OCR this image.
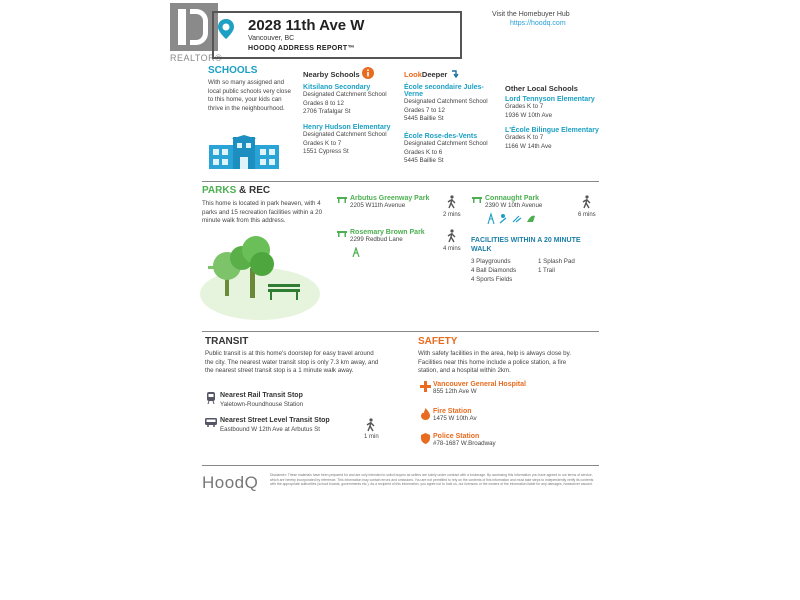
REALTOR®
2028 11th Ave W
Vancouver, BC
HOODQ ADDRESS REPORT™
Visit the Homebuyer Hub
https://hoodq.com
SCHOOLS
With so many assigned and local public schools very close to this home, your kids can thrive in the neighbourhood.
Nearby Schools
Kitsilano Secondary
Designated Catchment School
Grades 8 to 12
2706 Trafalgar St
Henry Hudson Elementary
Designated Catchment School
Grades K to 7
1551 Cypress St
LookDeeper
École secondaire Jules-Verne
Designated Catchment School
Grades 7 to 12
5445 Baillie St
École Rose-des-Vents
Designated Catchment School
Grades K to 6
5445 Baillie St
Other Local Schools
Lord Tennyson Elementary
Grades K to 7
1936 W 10th Ave
L'École Bilingue Elementary
Grades K to 7
1166 W 14th Ave
PARKS & REC
This home is located in park heaven, with 4 parks and 15 recreation facilities within a 20 minute walk from this address.
Arbutus Greenway Park
2205 W11th Avenue
2 mins
Rosemary Brown Park
2299 Redbud Lane
4 mins
Connaught Park
2390 W 10th Avenue
6 mins
FACILITIES WITHIN A 20 MINUTE WALK
3 Playgrounds	1 Splash Pad
4 Ball Diamonds	1 Trail
4 Sports Fields
TRANSIT
Public transit is at this home's doorstep for easy travel around the city. The nearest water transit stop is only 7.3 km away, and the nearest street transit stop is a 1 minute walk away.
Nearest Rail Transit Stop
Yaletown-Roundhouse Station
Nearest Street Level Transit Stop
Eastbound W 12th Ave at Arbutus St
1 min
SAFETY
With safety facilities in the area, help is always close by. Facilities near this home include a police station, a fire station, and a hospital within 2km.
Vancouver General Hospital
855 12th Ave W
Fire Station
1475 W 10th Av
Police Station
#78-1687 W.Broadway
HoodQ	Disclaimer: These materials have been prepared for and are only intended to solicit buyers as sellers are solely under contract with a brokerage. By accessing this information you have agreed to our terms of service, which are hereby incorporated by reference. This information may contain errors and omissions. You are not permitted to rely on the contents of this information and must take steps to independently verify its contents with the appropriate authorities (school boards, governments etc.). As a recipient of this information, you agree not to hold us, our licensors or the owners of the information liable for any damages, howsoever caused.
